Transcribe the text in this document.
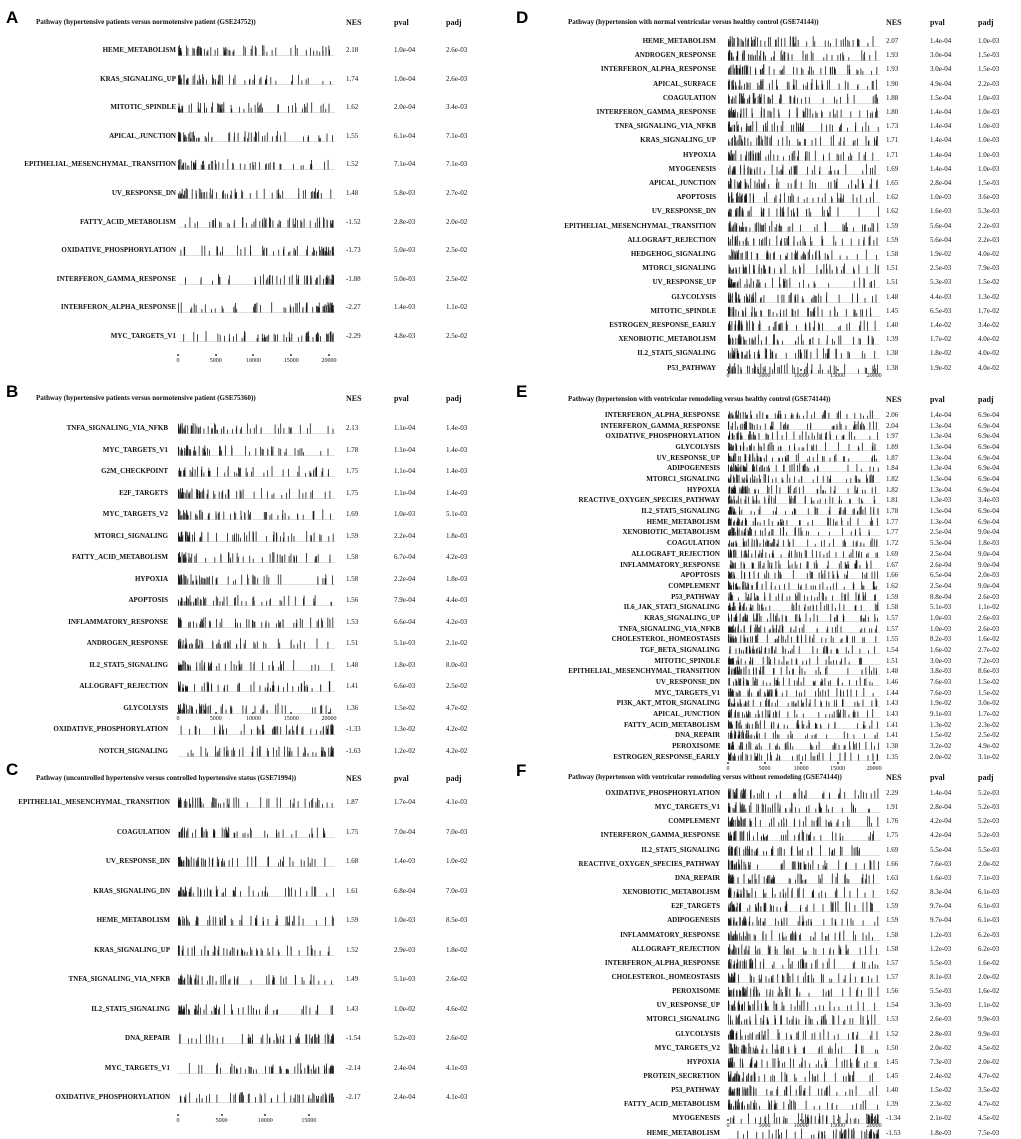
A	Pathway (hypertensive patients versus normotensive patient (GSE24752))	NES	pval	padj
HEME_METABOLISM	2.18	1.0e-04	2.6e-03
KRAS_SIGNALING_UP	1.74	1.0e-04	2.6e-03
MITOTIC_SPINDLE	1.62	2.0e-04	3.4e-03
APICAL_JUNCTION	1.55	6.1e-04	7.1e-03
EPITHELIAL_MESENCHYMAL_TRANSITION	1.52	7.1e-04	7.1e-03
UV_RESPONSE_DN	1.48	5.8e-03	2.7e-02
FATTY_ACID_METABOLISM	-1.52	2.8e-03	2.0e-02
OXIDATIVE_PHOSPHORYLATION	-1.73	5.0e-03	2.5e-02
INTERFERON_GAMMA_RESPONSE	-1.88	5.0e-03	2.5e-02
INTERFERON_ALPHA_RESPONSE	-2.27	1.4e-03	1.1e-02
MYC_TARGETS_V1	-2.29	4.8e-03	2.5e-02
0	5000	10000	15000	20000
B	Pathway (hypertensive patients versus normotensive patient (GSE75360))	NES	pval	padj
TNFA_SIGNALING_VIA_NFKB	2.13	1.1e-04	1.4e-03
MYC_TARGETS_V1	1.78	1.1e-04	1.4e-03
G2M_CHECKPOINT	1.75	1.1e-04	1.4e-03
E2F_TARGETS	1.75	1.1e-04	1.4e-03
MYC_TARGETS_V2	1.69	1.0e-03	5.1e-03
MTORC1_SIGNALING	1.59	2.2e-04	1.8e-03
FATTY_ACID_METABOLISM	1.58	6.7e-04	4.2e-03
HYPOXIA	1.58	2.2e-04	1.8e-03
APOPTOSIS	1.56	7.9e-04	4.4e-03
INFLAMMATORY_RESPONSE	1.53	6.6e-04	4.2e-03
ANDROGEN_RESPONSE	1.51	5.1e-03	2.1e-02
IL2_STAT5_SIGNALING	1.48	1.8e-03	8.0e-03
ALLOGRAFT_REJECTION	1.41	6.6e-03	2.5e-02
GLYCOLYSIS	1.36	1.5e-02	4.7e-02
OXIDATIVE_PHOSPHORYLATION	-1.33	1.3e-02	4.2e-02
NOTCH_SIGNALING	-1.63	1.2e-02	4.2e-02
0	5000	10000	15000	20000
C	Pathway (uncontrolled hypertensive versus controlled hypertensive status (GSE71994))	NES	pval	padj
EPITHELIAL_MESENCHYMAL_TRANSITION	1.87	1.7e-04	4.1e-03
COAGULATION	1.75	7.0e-04	7.0e-03
UV_RESPONSE_DN	1.68	1.4e-03	1.0e-02
KRAS_SIGNALING_DN	1.61	6.8e-04	7.0e-03
HEME_METABOLISM	1.59	1.0e-03	8.5e-03
KRAS_SIGNALING_UP	1.52	2.9e-03	1.8e-02
TNFA_SIGNALING_VIA_NFKB	1.49	5.1e-03	2.6e-02
IL2_STAT5_SIGNALING	1.43	1.0e-02	4.6e-02
DNA_REPAIR	-1.54	5.2e-03	2.6e-02
MYC_TARGETS_V1	-2.14	2.4e-04	4.1e-03
OXIDATIVE_PHOSPHORYLATION	-2.17	2.4e-04	4.1e-03
0	5000	10000	15000
D	Pathway (hypertension with normal ventricular versus healthy control (GSE74144))	NES	pval	padj
HEME_METABOLISM	2.07	1.4e-04	1.0e-03
ANDROGEN_RESPONSE	1.93	3.0e-04	1.5e-03
INTERFERON_ALPHA_RESPONSE	1.93	3.0e-04	1.5e-03
APICAL_SURFACE	1.90	4.9e-04	2.2e-03
COAGULATION	1.88	1.5e-04	1.0e-03
INTERFERON_GAMMA_RESPONSE	1.80	1.4e-04	1.0e-03
TNFA_SIGNALING_VIA_NFKB	1.73	1.4e-04	1.0e-03
KRAS_SIGNALING_UP	1.71	1.4e-04	1.0e-03
HYPOXIA	1.71	1.4e-04	1.0e-03
MYOGENESIS	1.69	1.4e-04	1.0e-03
APICAL_JUNCTION	1.65	2.8e-04	1.5e-03
APOPTOSIS	1.62	1.0e-03	3.6e-03
UV_RESPONSE_DN	1.62	1.6e-03	5.3e-03
EPITHELIAL_MESENCHYMAL_TRANSITION	1.59	5.6e-04	2.2e-03
ALLOGRAFT_REJECTION	1.59	5.6e-04	2.2e-03
HEDGEHOG_SIGNALING	1.58	1.9e-02	4.0e-02
MTORC1_SIGNALING	1.51	2.5e-03	7.9e-03
UV_RESPONSE_UP	1.51	5.3e-03	1.5e-02
GLYCOLYSIS	1.48	4.4e-03	1.3e-02
MITOTIC_SPINDLE	1.45	6.5e-03	1.7e-02
ESTROGEN_RESPONSE_EARLY	1.40	1.4e-02	3.4e-02
XENOBIOTIC_METABOLISM	1.39	1.7e-02	4.0e-02
IL2_STAT5_SIGNALING	1.38	1.8e-02	4.0e-02
P53_PATHWAY	1.38	1.9e-02	4.0e-02
0	5000	10000	15000	20000
E	Pathway (hypertension with ventricular remodeling versus healthy control (GSE74144))	NES	pval	padj
INTERFERON_ALPHA_RESPONSE	2.06	1.4e-04	6.9e-04
INTERFERON_GAMMA_RESPONSE	2.04	1.3e-04	6.9e-04
OXIDATIVE_PHOSPHORYLATION	1.97	1.3e-04	6.9e-04
GLYCOLYSIS	1.89	1.3e-04	6.9e-04
UV_RESPONSE_UP	1.87	1.3e-04	6.9e-04
ADIPOGENESIS	1.84	1.3e-04	6.9e-04
MTORC1_SIGNALING	1.82	1.3e-04	6.9e-04
HYPOXIA	1.82	1.3e-04	6.9e-04
REACTIVE_OXYGEN_SPECIES_PATHWAY	1.81	1.3e-03	3.4e-03
IL2_STAT5_SIGNALING	1.78	1.3e-04	6.9e-04
HEME_METABOLISM	1.77	1.3e-04	6.9e-04
XENOBIOTIC_METABOLISM	1.77	2.5e-04	9.0e-04
COAGULATION	1.72	5.3e-04	1.8e-03
ALLOGRAFT_REJECTION	1.69	2.5e-04	9.0e-04
INFLAMMATORY_RESPONSE	1.67	2.6e-04	9.0e-04
APOPTOSIS	1.66	6.5e-04	2.0e-03
COMPLEMENT	1.62	2.5e-04	9.0e-04
P53_PATHWAY	1.59	8.8e-04	2.6e-03
IL6_JAK_STAT3_SIGNALING	1.58	5.1e-03	1.1e-02
KRAS_SIGNALING_UP	1.57	1.0e-03	2.6e-03
TNFA_SIGNALING_VIA_NFKB	1.57	1.0e-03	2.6e-03
CHOLESTEROL_HOMEOSTASIS	1.55	8.2e-03	1.6e-02
TGF_BETA_SIGNALING	1.54	1.6e-02	2.7e-02
MITOTIC_SPINDLE	1.51	3.0e-03	7.2e-03
EPITHELIAL_MESENCHYMAL_TRANSITION	1.48	3.8e-03	8.6e-03
UV_RESPONSE_DN	1.46	7.6e-03	1.5e-02
MYC_TARGETS_V1	1.44	7.6e-03	1.5e-02
PI3K_AKT_MTOR_SIGNALING	1.43	1.9e-02	3.0e-02
APICAL_JUNCTION	1.43	9.1e-03	1.7e-02
FATTY_ACID_METABOLISM	1.41	1.3e-02	2.3e-02
DNA_REPAIR	1.41	1.5e-02	2.5e-02
PEROXISOME	1.38	3.2e-02	4.9e-02
ESTROGEN_RESPONSE_EARLY	1.35	2.0e-02	3.1e-02
0	5000	10000	15000	20000
F	Pathway (hypertenson with ventricular remodeling versus without remodeling (GSE74144))	NES	pval	padj
OXIDATIVE_PHOSPHORYLATION	2.29	1.4e-04	5.2e-03
MYC_TARGETS_V1	1.91	2.8e-04	5.2e-03
COMPLEMENT	1.76	4.2e-04	5.2e-03
INTERFERON_GAMMA_RESPONSE	1.75	4.2e-04	5.2e-03
IL2_STAT5_SIGNALING	1.69	5.5e-04	5.5e-03
REACTIVE_OXYGEN_SPECIES_PATHWAY	1.66	7.6e-03	2.0e-02
DNA_REPAIR	1.63	1.6e-03	7.1e-03
XENOBIOTIC_METABOLISM	1.62	8.3e-04	6.1e-03
E2F_TARGETS	1.59	9.7e-04	6.1e-03
ADIPOGENESIS	1.59	9.7e-04	6.1e-03
INFLAMMATORY_RESPONSE	1.58	1.2e-03	6.2e-03
ALLOGRAFT_REJECTION	1.58	1.2e-03	6.2e-03
INTERFERON_ALPHA_RESPONSE	1.57	5.5e-03	1.6e-02
CHOLESTEROL_HOMEOSTASIS	1.57	8.1e-03	2.0e-02
PEROXISOME	1.56	5.5e-03	1.6e-02
UV_RESPONSE_UP	1.54	3.3e-03	1.1e-02
MTORC1_SIGNALING	1.53	2.6e-03	9.9e-03
GLYCOLYSIS	1.52	2.8e-03	9.9e-03
MYC_TARGETS_V2	1.50	2.0e-02	4.5e-02
HYPOXIA	1.45	7.3e-03	2.0e-02
PROTEIN_SECRETION	1.45	2.4e-02	4.7e-02
P53_PATHWAY	1.40	1.5e-02	3.5e-02
FATTY_ACID_METABOLISM	1.39	2.3e-02	4.7e-02
MYOGENESIS	-1.34	2.1e-02	4.5e-02
HEME_METABOLISM	-1.53	1.8e-03	7.5e-03
0	5000	10000	15000	20000
